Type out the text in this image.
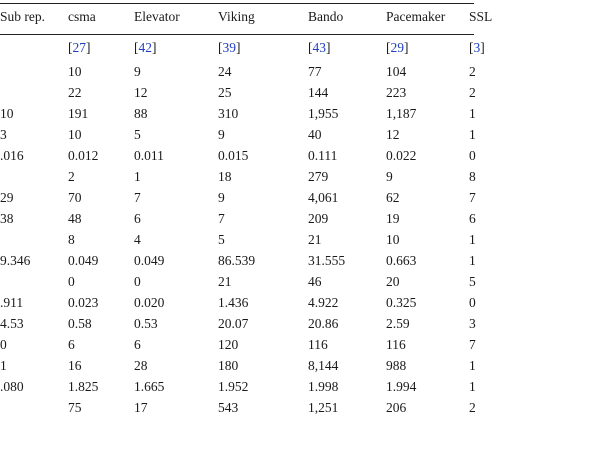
Sub rep.	csma	Elevator	Viking	Bando	Pacemaker	SSL
	[27]	[42]	[39]	[43]	[29]	[3]
	10	9	24	77	104	2
	22	12	25	144	223	2
10	191	88	310	1,955	1,187	1
3	10	5	9	40	12	1
.016	0.012	0.011	0.015	0.111	0.022	0
	2	1	18	279	9	8
29	70	7	9	4,061	62	7
38	48	6	7	209	19	6
	8	4	5	21	10	1
9.346	0.049	0.049	86.539	31.555	0.663	1
	0	0	21	46	20	5
.911	0.023	0.020	1.436	4.922	0.325	0
4.53	0.58	0.53	20.07	20.86	2.59	3
0	6	6	120	116	116	7
1	16	28	180	8,144	988	1
.080	1.825	1.665	1.952	1.998	1.994	1
	75	17	543	1,251	206	2
